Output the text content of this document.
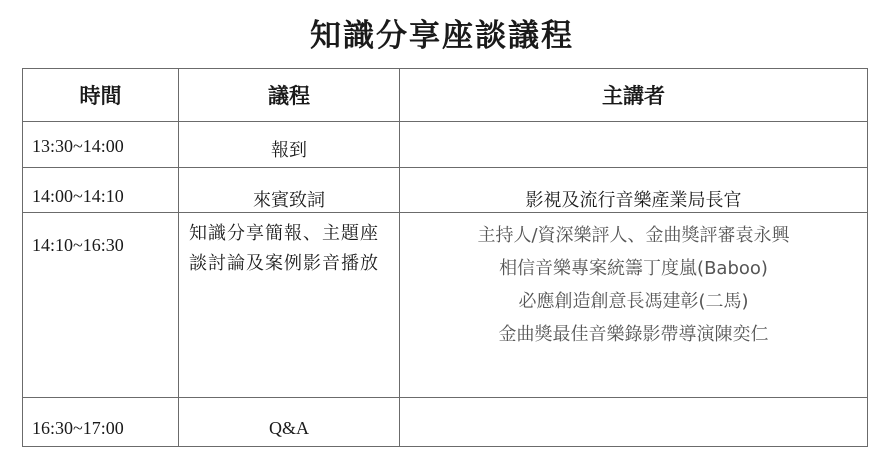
知識分享座談議程
時間	議程	主講者
13:30~14:00	報到	
14:00~14:10	來賓致詞	影視及流行音樂產業局長官
14:10~16:30	知識分享簡報、主題座談討論及案例影音播放	主持人/資深樂評人、金曲獎評審袁永興
相信音樂專案統籌丁度嵐(Baboo)
必應創造創意長馮建彰(二馬)
金曲獎最佳音樂錄影帶導演陳奕仁

16:30~17:00	Q&A	
